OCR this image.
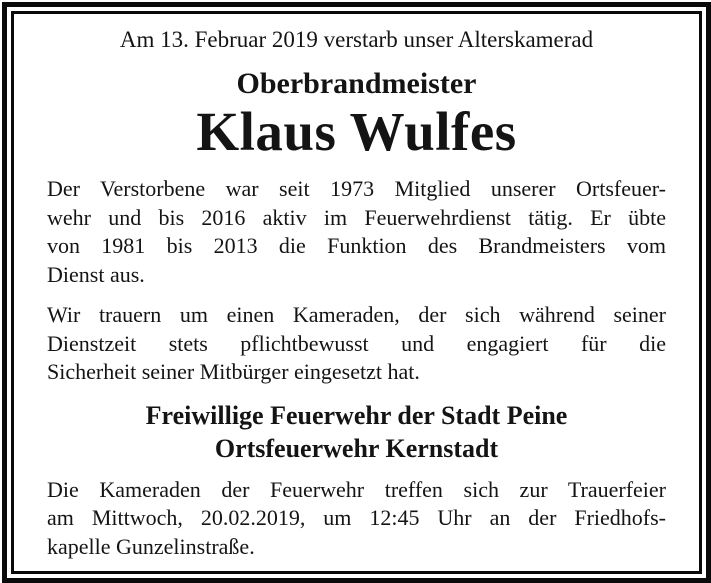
Am 13. Februar 2019 verstarb unser Alterskamerad

Oberbrandmeister

Klaus Wulfes
Der Verstorbene war seit 1973 Mitglied unserer Ortsfeuer-
wehr und bis 2016 aktiv im Feuerwehrdienst tätig. Er übte
von 1981 bis 2013 die Funktion des Brandmeisters vom
Dienst aus.
Wir trauern um einen Kameraden, der sich während seiner
Dienstzeit stets pflichtbewusst und engagiert für die
Sicherheit seiner Mitbürger eingesetzt hat.
Freiwillige Feuerwehr der Stadt Peine
Ortsfeuerwehr Kernstadt
Die Kameraden der Feuerwehr treffen sich zur Trauerfeier
am Mittwoch, 20.02.2019, um 12:45 Uhr an der Friedhofs-
kapelle Gunzelinstraße.
